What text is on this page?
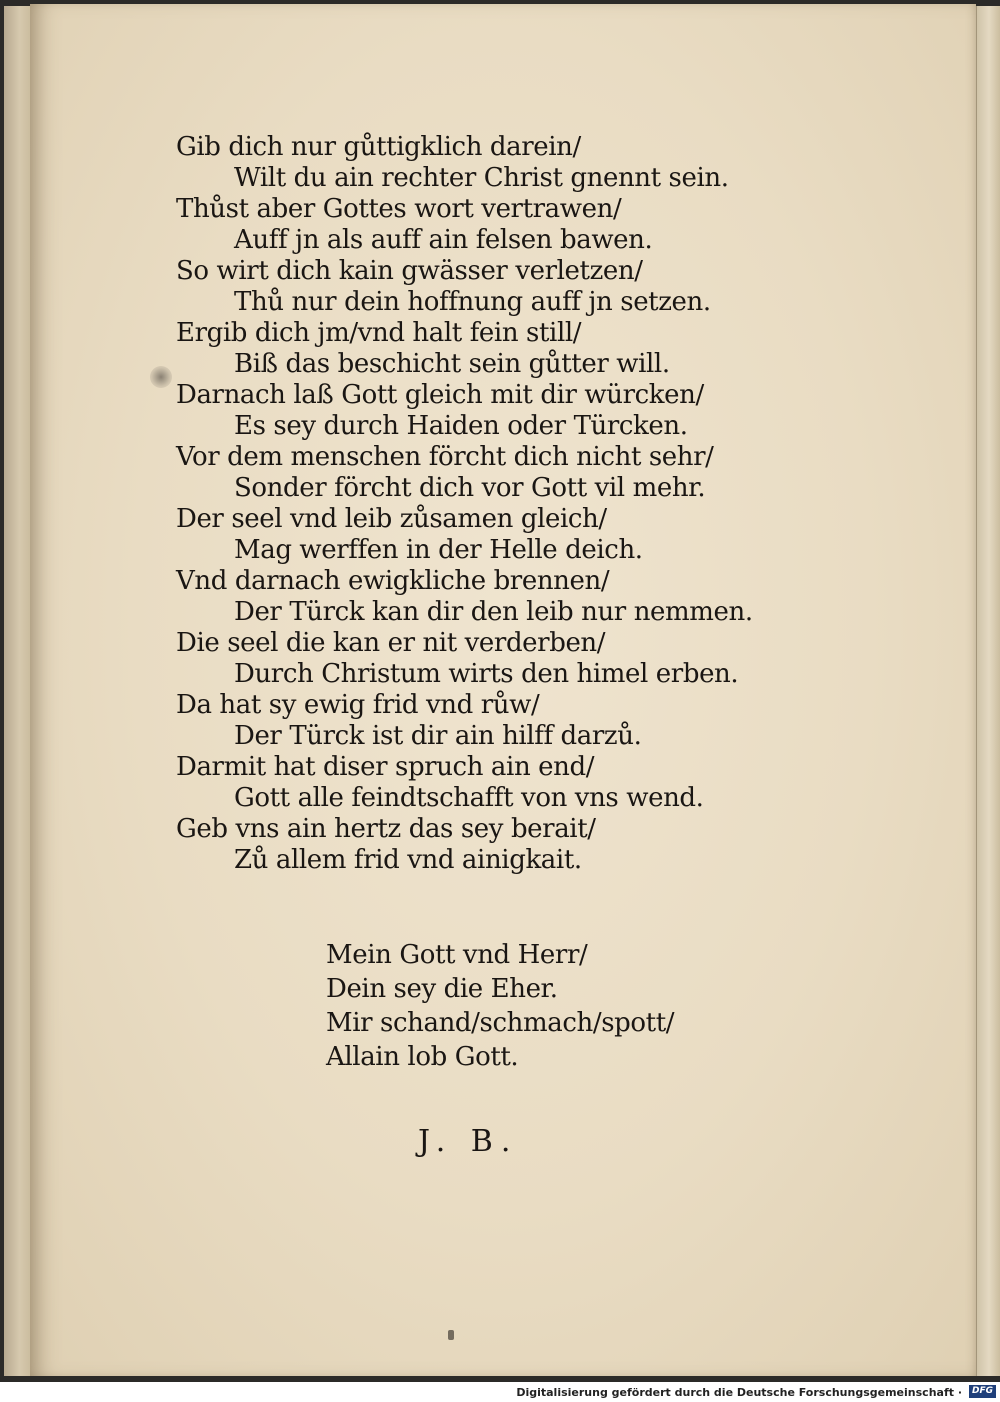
Gib dich nur gůttigklich darein/
Wilt du ain rechter Christ gnennt sein.
Thůst aber Gottes wort vertrawen/
Auff jn als auff ain felsen bawen.
So wirt dich kain gwässer verletzen/
Thů nur dein hoffnung auff jn setzen.
Ergib dich jm/vnd halt fein still/
Biß das beschicht sein gůtter will.
Darnach laß Gott gleich mit dir würcken/
Es sey durch Haiden oder Türcken.
Vor dem menschen förcht dich nicht sehr/
Sonder förcht dich vor Gott vil mehr.
Der seel vnd leib zůsamen gleich/
Mag werffen in der Helle deich.
Vnd darnach ewigkliche brennen/
Der Türck kan dir den leib nur nemmen.
Die seel die kan er nit verderben/
Durch Christum wirts den himel erben.
Da hat sy ewig frid vnd růw/
Der Türck ist dir ain hilff darzů.
Darmit hat diser spruch ain end/
Gott alle feindtschafft von vns wend.
Geb vns ain hertz das sey berait/
Zů allem frid vnd ainigkait.
Mein Gott vnd Herr/
Dein sey die Eher.
Mir schand/schmach/spott/
Allain lob Gott.
J. B.
Digitalisierung gefördert durch die Deutsche Forschungsgemeinschaft ·	DFG
